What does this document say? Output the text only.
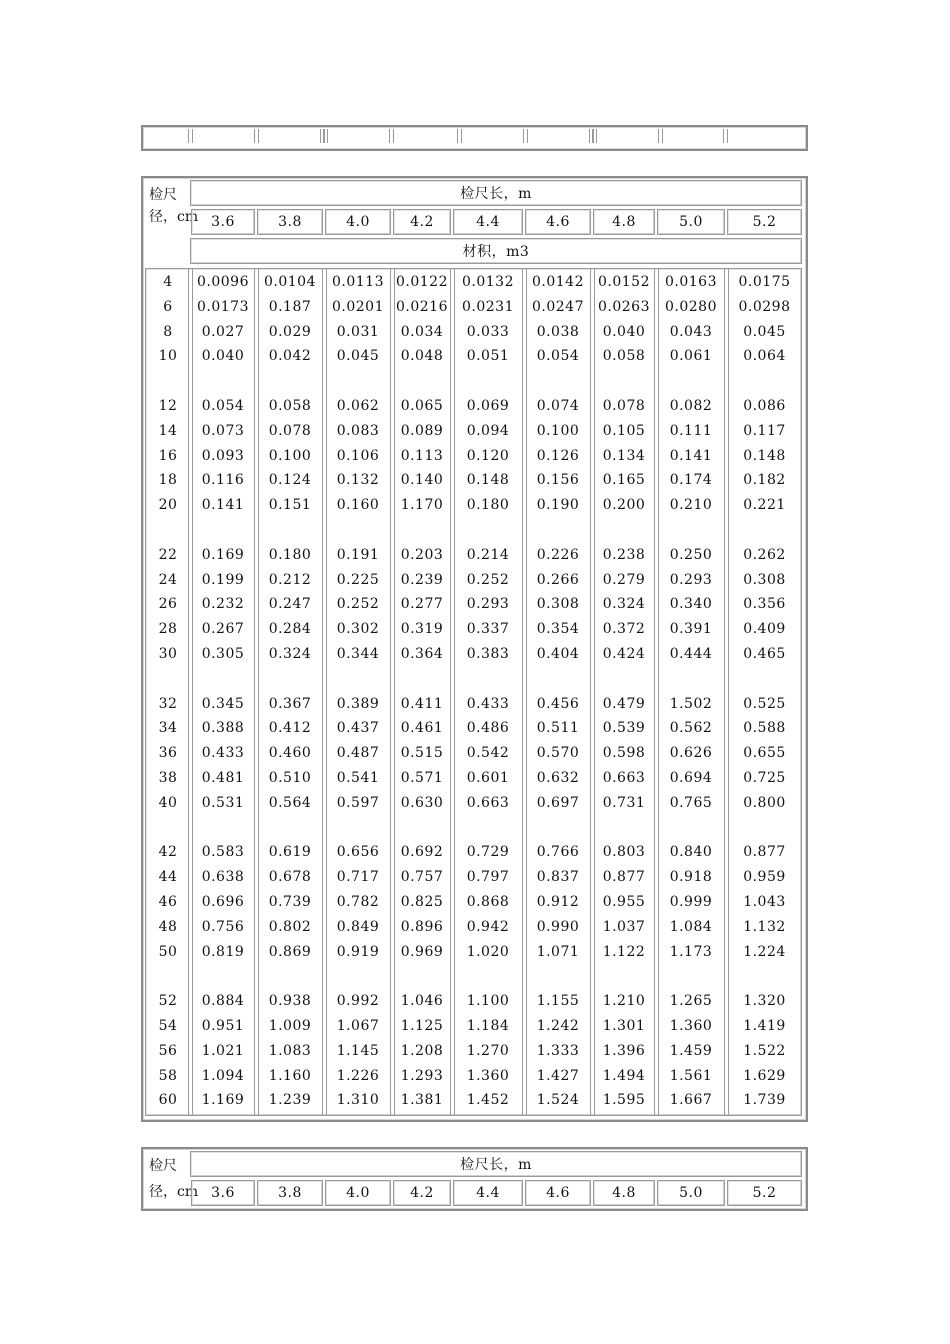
检尺
径，cm
检尺长，m
3.6	3.8	4.0	4.2	4.4	4.6	4.8	5.0	5.2
材积，m3
4	0.0096	0.0104	0.0113 0.0122	0.0132	0.0142	0.0152	0.0163	0.0175
6	0.0173	0.187	0.0201 0.0216	0.0231	0.0247	0.0263	0.0280	0.0298
8	0.027	0.029	0.031	0.034	0.033	0.038	0.040	0.043	0.045
10	0.040	0.042	0.045	0.048	0.051	0.054	0.058	0.061	0.064
12	0.054	0.058	0.062	0.065	0.069	0.074	0.078	0.082	0.086
14	0.073	0.078	0.083	0.089	0.094	0.100	0.105	0.111	0.117
16	0.093	0.100	0.106	0.113	0.120	0.126	0.134	0.141	0.148
18	0.116	0.124	0.132	0.140	0.148	0.156	0.165	0.174	0.182
20	0.141	0.151	0.160	1.170	0.180	0.190	0.200	0.210	0.221
22	0.169	0.180	0.191	0.203	0.214	0.226	0.238	0.250	0.262
24	0.199	0.212	0.225	0.239	0.252	0.266	0.279	0.293	0.308
26	0.232	0.247	0.252	0.277	0.293	0.308	0.324	0.340	0.356
28	0.267	0.284	0.302	0.319	0.337	0.354	0.372	0.391	0.409
30	0.305	0.324	0.344	0.364	0.383	0.404	0.424	0.444	0.465
32	0.345	0.367	0.389	0.411	0.433	0.456	0.479	1.502	0.525
34	0.388	0.412	0.437	0.461	0.486	0.511	0.539	0.562	0.588
36	0.433	0.460	0.487	0.515	0.542	0.570	0.598	0.626	0.655
38	0.481	0.510	0.541	0.571	0.601	0.632	0.663	0.694	0.725
40	0.531	0.564	0.597	0.630	0.663	0.697	0.731	0.765	0.800
42	0.583	0.619	0.656	0.692	0.729	0.766	0.803	0.840	0.877
44	0.638	0.678	0.717	0.757	0.797	0.837	0.877	0.918	0.959
46	0.696	0.739	0.782	0.825	0.868	0.912	0.955	0.999	1.043
48	0.756	0.802	0.849	0.896	0.942	0.990	1.037	1.084	1.132
50	0.819	0.869	0.919	0.969	1.020	1.071	1.122	1.173	1.224
52	0.884	0.938	0.992	1.046	1.100	1.155	1.210	1.265	1.320
54	0.951	1.009	1.067	1.125	1.184	1.242	1.301	1.360	1.419
56	1.021	1.083	1.145	1.208	1.270	1.333	1.396	1.459	1.522
58	1.094	1.160	1.226	1.293	1.360	1.427	1.494	1.561	1.629
60	1.169	1.239	1.310	1.381	1.452	1.524	1.595	1.667	1.739
检尺
径，cm
检尺长，m
3.6	3.8	4.0	4.2	4.4	4.6	4.8	5.0	5.2
